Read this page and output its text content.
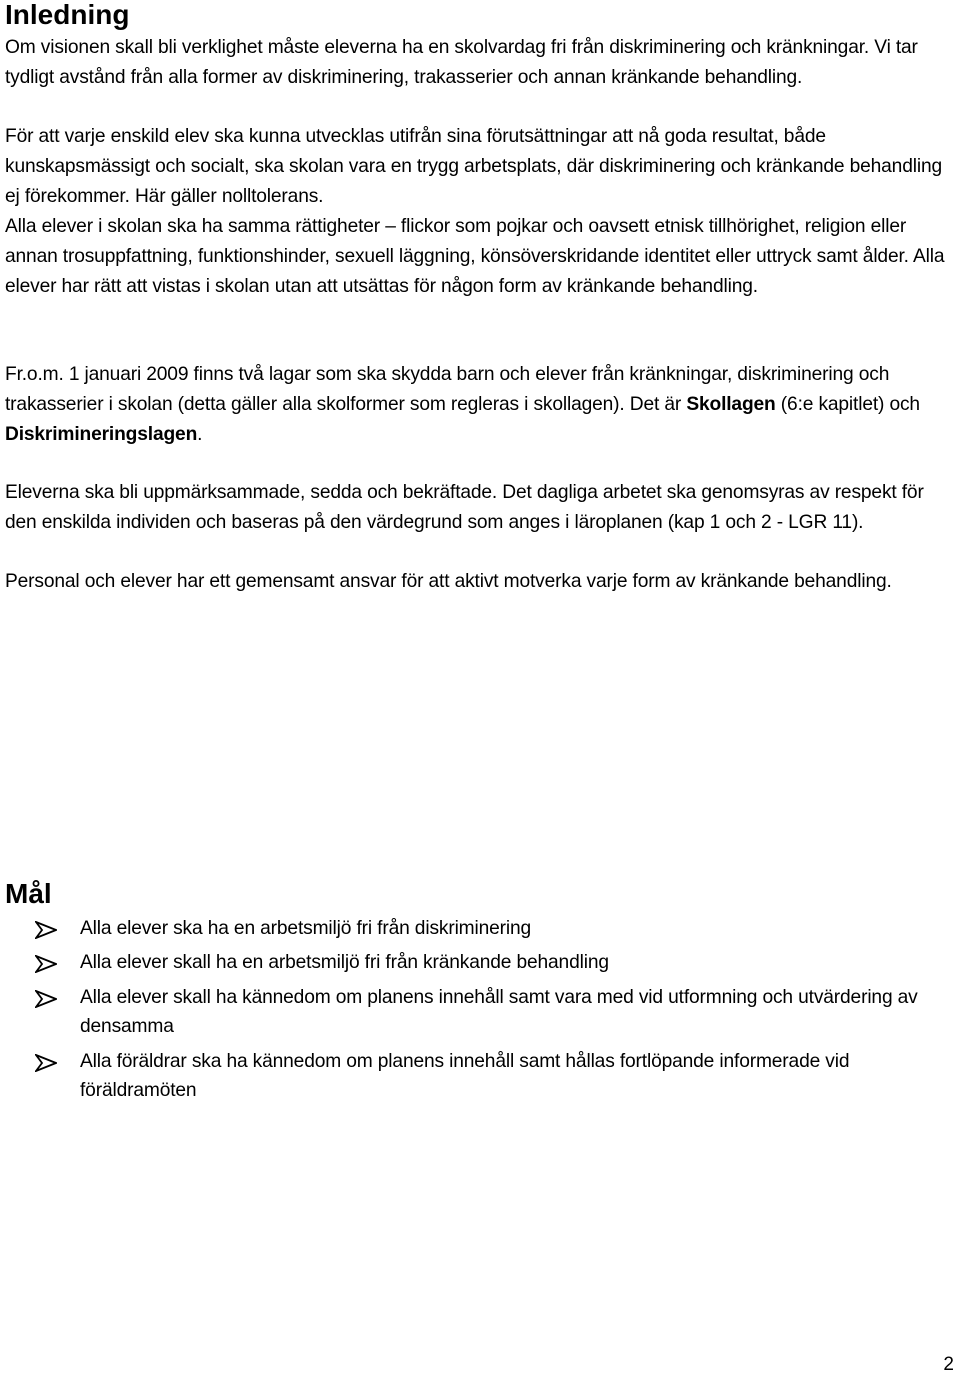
Inledning

Om visionen skall bli verklighet måste eleverna ha en skolvardag fri från diskriminering och kränkningar. Vi tar tydligt avstånd från alla former av diskriminering, trakasserier och annan kränkande behandling.

För att varje enskild elev ska kunna utvecklas utifrån sina förutsättningar att nå goda resultat, både kunskapsmässigt och socialt, ska skolan vara en trygg arbetsplats, där diskriminering och kränkande behandling ej förekommer. Här gäller nolltolerans.

Alla elever i skolan ska ha samma rättigheter – flickor som pojkar och oavsett etnisk tillhörighet, religion eller annan trosuppfattning, funktionshinder, sexuell läggning, könsöverskridande identitet eller uttryck samt ålder. Alla elever har rätt att vistas i skolan utan att utsättas för någon form av kränkande behandling.

Fr.o.m. 1 januari 2009 finns två lagar som ska skydda barn och elever från kränkningar, diskriminering och trakasserier i skolan (detta gäller alla skolformer som regleras i skollagen). Det är Skollagen (6:e kapitlet) och Diskrimineringslagen.

Eleverna ska bli uppmärksammade, sedda och bekräftade. Det dagliga arbetet ska genomsyras av respekt för den enskilda individen och baseras på den värdegrund som anges i läroplanen (kap 1 och 2 - LGR 11).

Personal och elever har ett gemensamt ansvar för att aktivt motverka varje form av kränkande behandling.

Mål
Alla elever ska ha en arbetsmiljö fri från diskriminering
Alla elever skall ha en arbetsmiljö fri från kränkande behandling
Alla elever skall ha kännedom om planens innehåll samt vara med vid utformning och utvärdering av densamma
Alla föräldrar ska ha kännedom om planens innehåll samt hållas fortlöpande informerade vid föräldramöten
2
